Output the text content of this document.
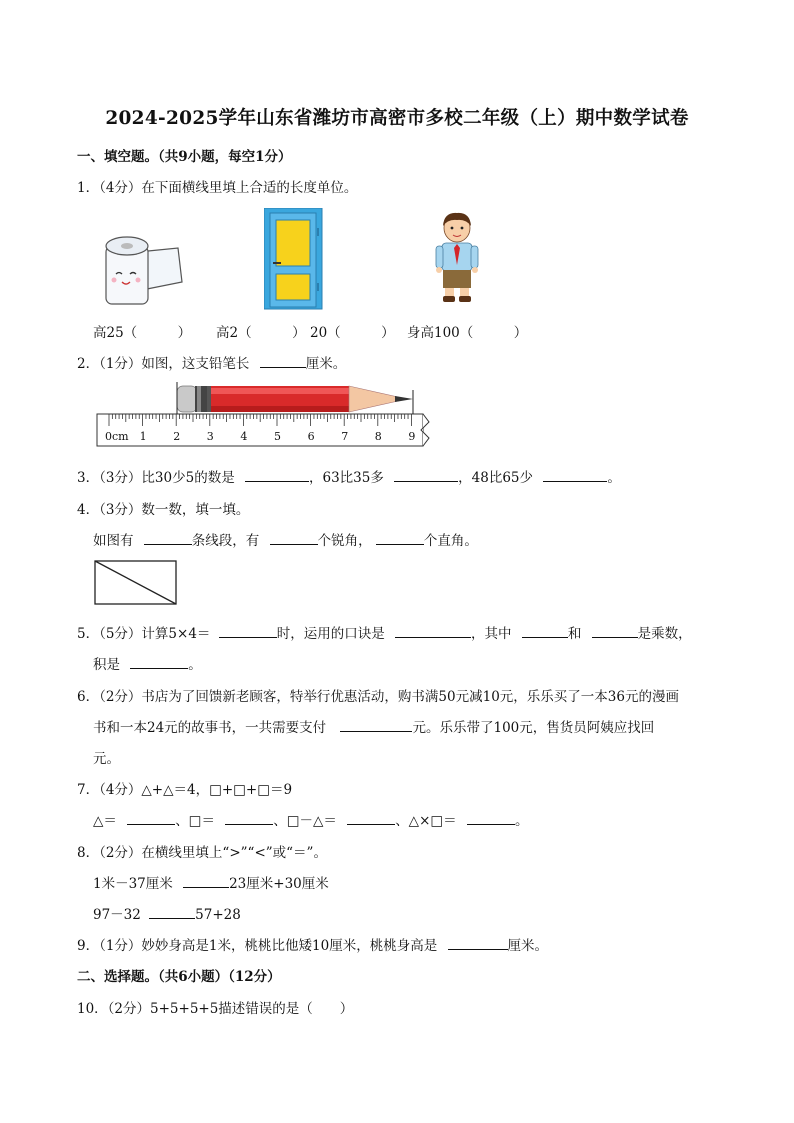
2024-2025学年山东省潍坊市高密市多校二年级（上）期中数学试卷
一、填空题。（共9小题，每空1分）
1．（4分）在下面横线里填上合适的长度单位。
高25（　　　） 高2（　　　） 20（　　　） 身高100（　　　）
2．（1分）如图，这支铅笔长	厘米。
0cm 1 2 3 4 5 6 7 8 9
3．（3分）比30少5的数是	，63比35多	，48比65少	。
4．（3分）数一数，填一填。
如图有	条线段，有	个锐角，	个直角。
5．（5分）计算5×4＝	时，运用的口诀是	，其中	和	是乘数，
积是	。
6．（2分）书店为了回馈新老顾客，特举行优惠活动，购书满50元减10元，乐乐买了一本36元的漫画
书和一本24元的故事书，一共需要支付	元。乐乐带了100元，售货员阿姨应找回
元。
7．（4分）△+△＝4，□+□+□＝9
△＝	、□＝	、□－△＝	、△×□＝	。
8．（2分）在横线里填上“>”“<”或“＝”。
1米－37厘米	23厘米+30厘米
97－32	57+28
9．（1分）妙妙身高是1米，桃桃比他矮10厘米，桃桃身高是	厘米。
二、选择题。（共6小题）（12分）
10．（2分）5+5+5+5描述错误的是（　　）
